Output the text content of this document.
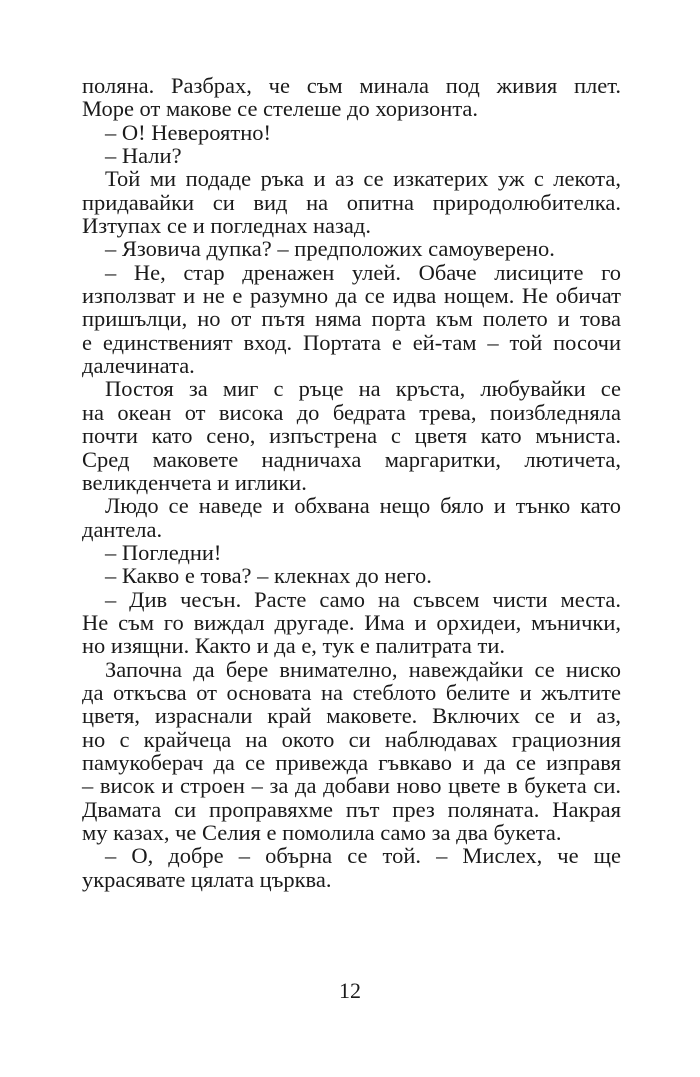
поляна. Разбрах, че съм минала под живия плет.
Море от макове се стелеше до хоризонта.
– О! Невероятно!
– Нали?
Той ми подаде ръка и аз се изкатерих уж с лекота,
придавайки си вид на опитна природолюбителка.
Изтупах се и погледнах назад.
– Язовича дупка? – предположих самоуверено.
– Не, стар дренажен улей. Обаче лисиците го
използват и не е разумно да се идва нощем. Не обичат
пришълци, но от пътя няма порта към полето и това
е единственият вход. Портата е ей-там – той посочи
далечината.
Постоя за миг с ръце на кръста, любувайки се
на океан от висока до бедрата трева, поизбледняла
почти като сено, изпъстрена с цветя като мъниста.
Сред маковете надничаха маргаритки, лютичета,
великденчета и иглики.
Людо се наведе и обхвана нещо бяло и тънко като
дантела.
– Погледни!
– Какво е това? – клекнах до него.
– Див чесън. Расте само на съвсем чисти места.
Не съм го виждал другаде. Има и орхидеи, мънички,
но изящни. Както и да е, тук е палитрата ти.
Започна да бере внимателно, навеждайки се ниско
да откъсва от основата на стеблото белите и жълтите
цветя, израснали край маковете. Включих се и аз,
но с крайчеца на окото си наблюдавах грациозния
памукоберач да се привежда гъвкаво и да се изправя
– висок и строен – за да добави ново цвете в букета си.
Двамата си проправяхме път през поляната. Накрая
му казах, че Селия е помолила само за два букета.
– О, добре – обърна се той. – Мислех, че ще
украсявате цялата църква.
12
